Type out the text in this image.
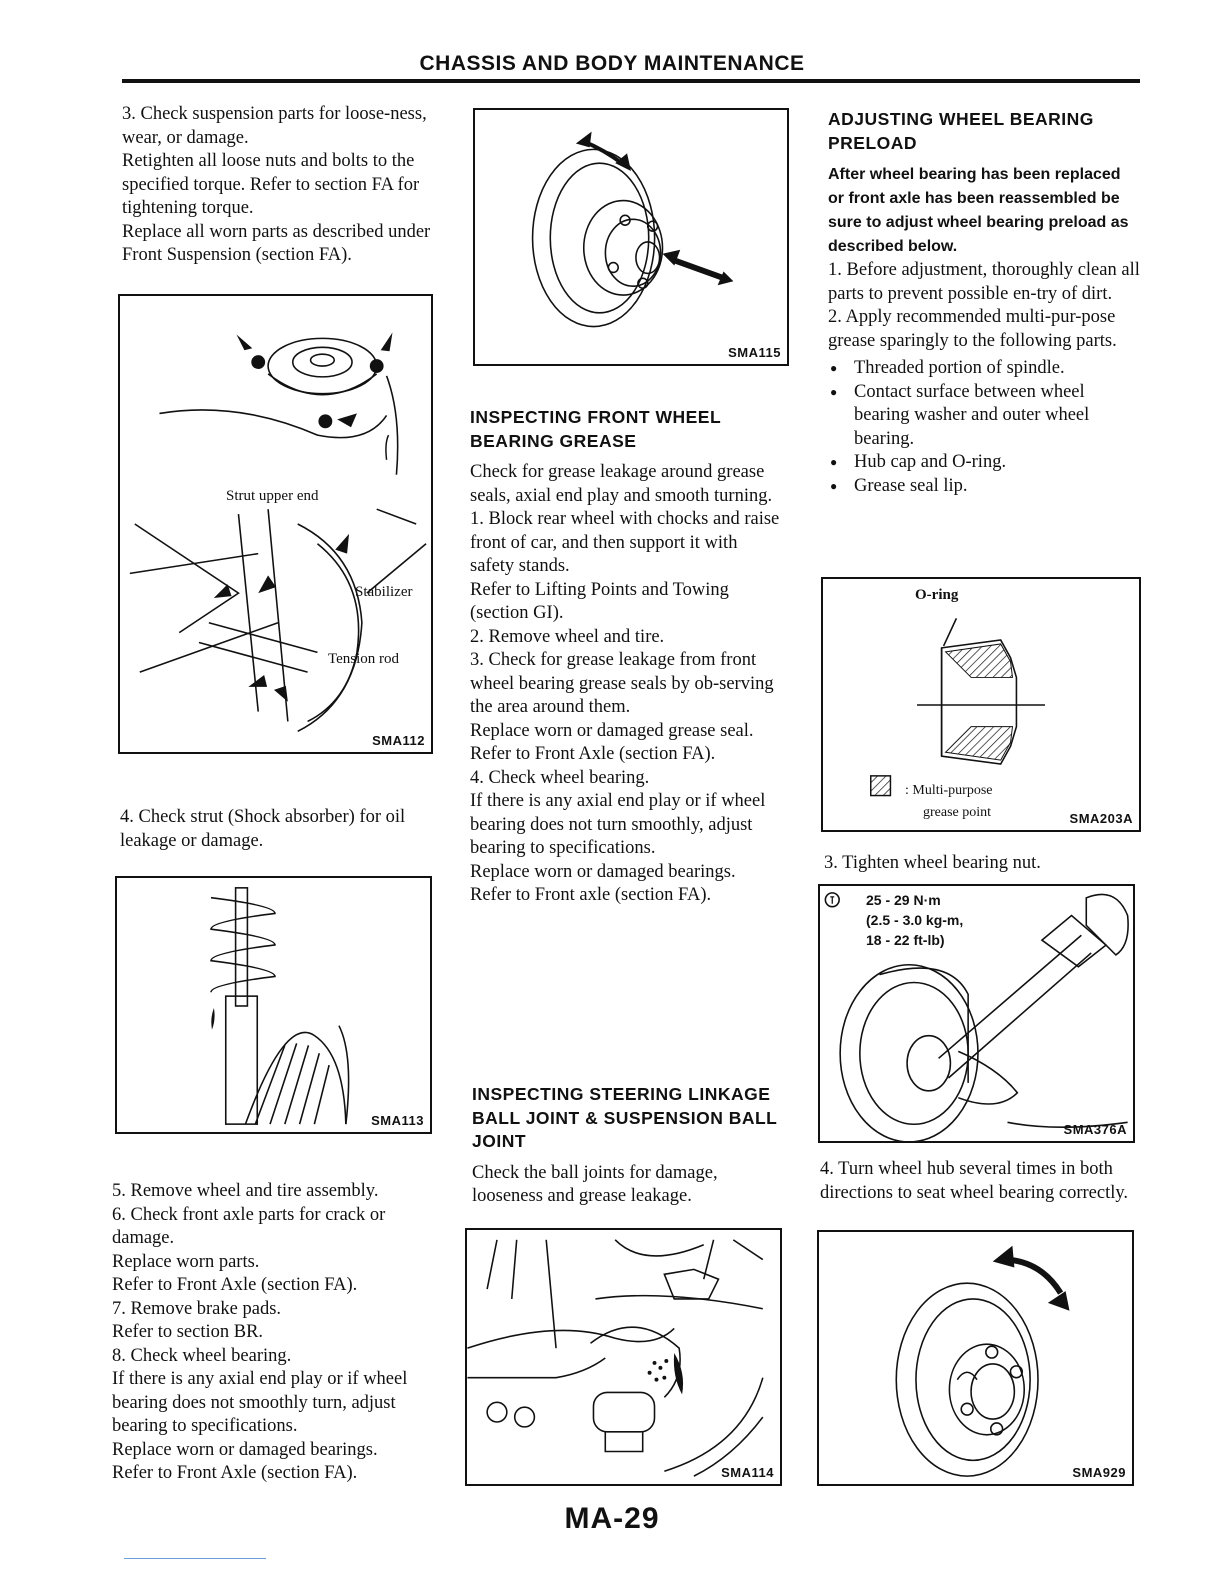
CHASSIS AND BODY MAINTENANCE

3. Check suspension parts for loose-ness, wear, or damage.

Retighten all loose nuts and bolts to the specified torque. Refer to section FA for tightening torque.

Replace all worn parts as described under Front Suspension (section FA).

Strut upper end
Stabilizer
Tension rod
SMA112

4. Check strut (Shock absorber) for oil leakage or damage.

SMA113

5. Remove wheel and tire assembly.

6. Check front axle parts for crack or damage.

Replace worn parts.

Refer to Front Axle (section FA).

7. Remove brake pads.

Refer to section BR.

8. Check wheel bearing.

If there is any axial end play or if wheel bearing does not smoothly turn, adjust bearing to specifications.

Replace worn or damaged bearings.

Refer to Front Axle (section FA).

SMA115
INSPECTING FRONT WHEEL BEARING GREASE

Check for grease leakage around grease seals, axial end play and smooth turning.

1. Block rear wheel with chocks and raise front of car, and then support it with safety stands.

Refer to Lifting Points and Towing (section GI).

2. Remove wheel and tire.

3. Check for grease leakage from front wheel bearing grease seals by ob-serving the area around them.

Replace worn or damaged grease seal.

Refer to Front Axle (section FA).

4. Check wheel bearing.

If there is any axial end play or if wheel bearing does not turn smoothly, adjust bearing to specifications.

Replace worn or damaged bearings.

Refer to Front axle (section FA).

INSPECTING STEERING LINKAGE BALL JOINT & SUSPENSION BALL JOINT

Check the ball joints for damage, looseness and grease leakage.

SMA114
ADJUSTING WHEEL BEARING PRELOAD

After wheel bearing has been replaced or front axle has been reassembled be sure to adjust wheel bearing preload as described below.

1. Before adjustment, thoroughly clean all parts to prevent possible en-try of dirt.

2. Apply recommended multi-pur-pose grease sparingly to the following parts.

● Threaded portion of spindle.
● Contact surface between wheel bearing washer and outer wheel bearing.
● Hub cap and O-ring.
● Grease seal lip.
O-ring
: Multi-purpose
grease point	SMA203A

3. Tighten wheel bearing nut.

25 - 29 N·m
(2.5 - 3.0 kg-m,
18 - 22 ft-lb)
SMA376A

4. Turn wheel hub several times in both directions to seat wheel bearing correctly.

SMA929
MA-29
